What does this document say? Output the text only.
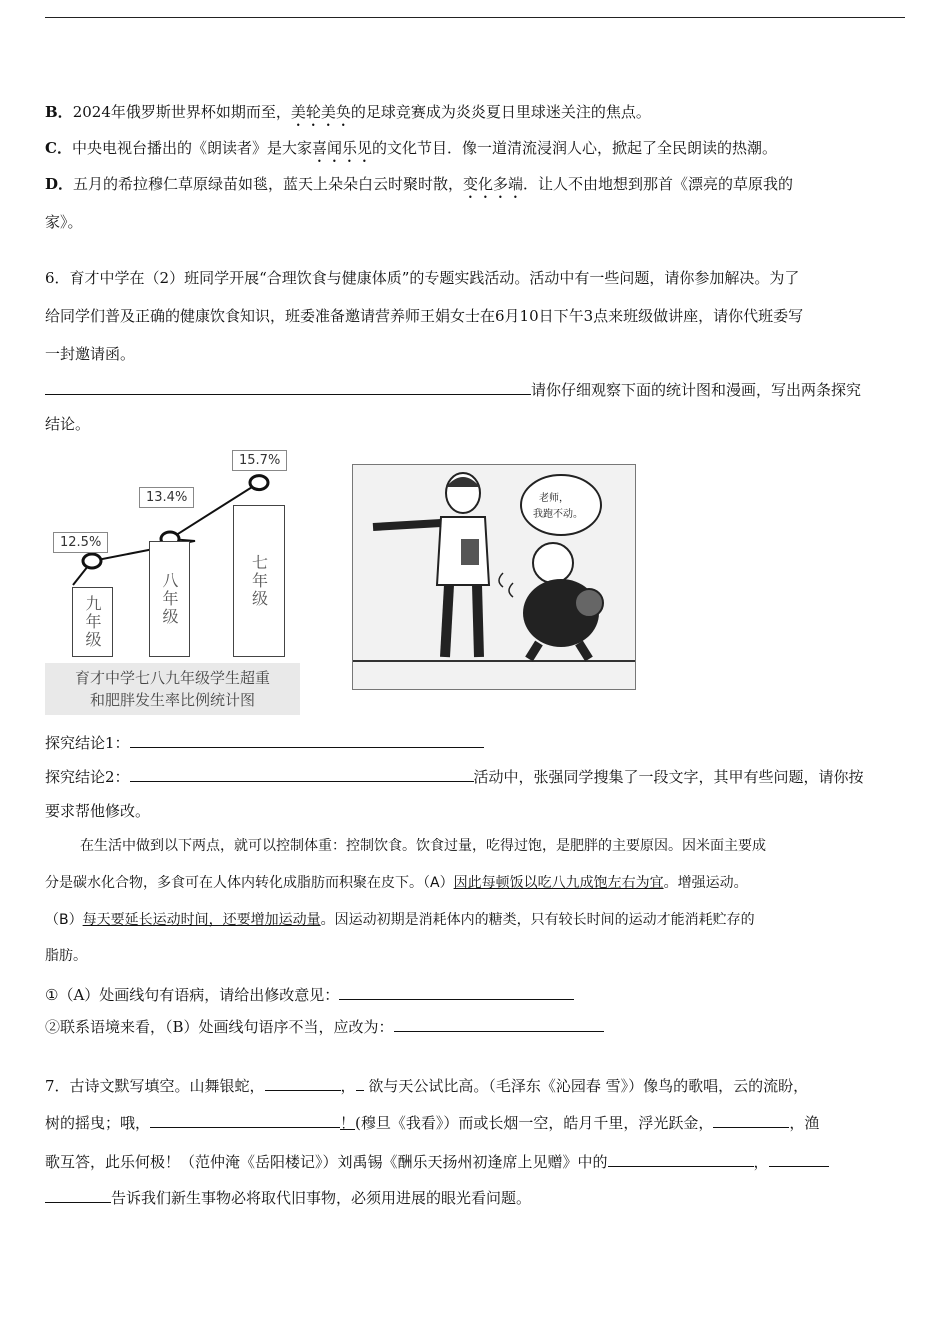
B．2024年俄罗斯世界杯如期而至，美轮美奂的足球竞赛成为炎炎夏日里球迷关注的焦点。
C．中央电视台播出的《朗读者》是大家喜闻乐见的文化节目．像一道清流浸润人心，掀起了全民朗读的热潮。
D．五月的希拉穆仁草原绿苗如毯，蓝天上朵朵白云时聚时散，变化多端．让人不由地想到那首《漂亮的草原我的
家》。
6．育才中学在（2）班同学开展“合理饮食与健康体质”的专题实践活动。活动中有一些问题，请你参加解决。为了
给同学们普及正确的健康饮食知识，班委准备邀请营养师王娟女士在6月10日下午3点来班级做讲座，请你代班委写
一封邀请函。
请你仔细观察下面的统计图和漫画，写出两条探究
结论。
九年级	八年级	七年级
12.5%
13.4%
15.7%
育才中学七八九年级学生超重
和肥胖发生率比例统计图
老师，
我跑不动。
探究结论1：
探究结论2：	活动中，张强同学搜集了一段文字，其甲有些问题，请你按
要求帮他修改。
在生活中做到以下两点，就可以控制体重：控制饮食。饮食过量，吃得过饱，是肥胖的主要原因。因米面主要成
分是碳水化合物，多食可在人体内转化成脂肪而积聚在皮下。（A）因此每顿饭以吃八九成饱左右为宜。增强运动。
（B）每天要延长运动时间，还要增加运动量。因运动初期是消耗体内的糖类，只有较长时间的运动才能消耗贮存的
脂肪。
①（A）处画线句有语病，请给出修改意见：
②联系语境来看，（B）处画线句语序不当，应改为：
7．古诗文默写填空。山舞银蛇，	， 欲与天公试比高。（毛泽东《沁园春 雪》）像鸟的歌唱，云的流盼，
树的摇曳；哦，	！(穆旦《我看》）而或长烟一空，皓月千里，浮光跃金，	，渔
歌互答，此乐何极！（范仲淹《岳阳楼记》）刘禹锡《酬乐天扬州初逢席上见赠》中的	，
告诉我们新生事物必将取代旧事物，必须用进展的眼光看问题。
